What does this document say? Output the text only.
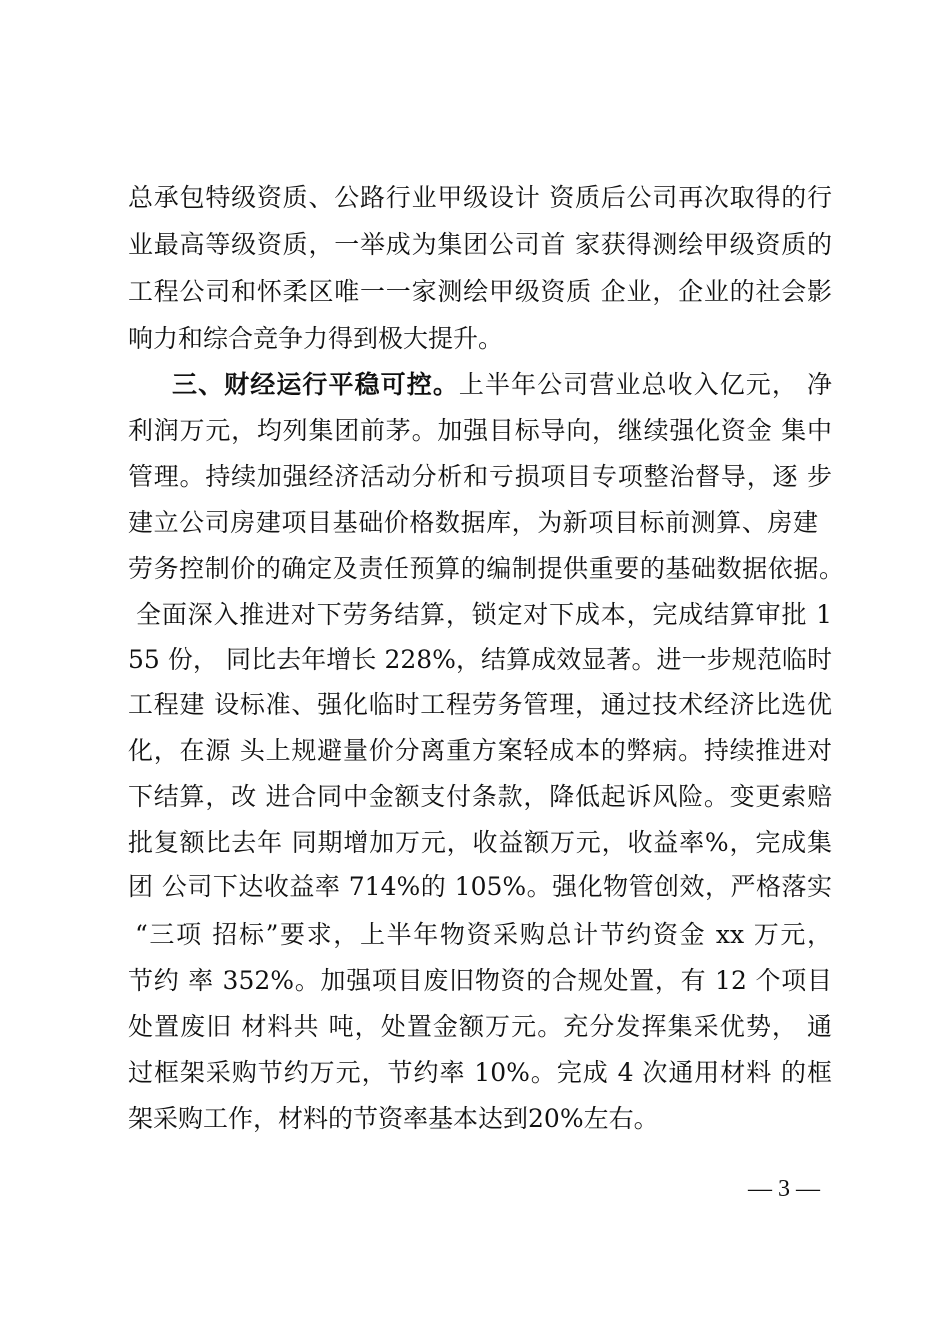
总承包特级资质、公路行业甲级设计 资质后公司再次取得的行
业最高等级资质，一举成为集团公司首 家获得测绘甲级资质的
工程公司和怀柔区唯一一家测绘甲级资质 企业，企业的社会影
响力和综合竞争力得到极大提升。
三、财经运行平稳可控。上半年公司营业总收入亿元， 净
利润万元，均列集团前茅。加强目标导向，继续强化资金 集中
管理。持续加强经济活动分析和亏损项目专项整治督导，逐 步
建立公司房建项目基础价格数据库，为新项目标前测算、房建
劳务控制价的确定及责任预算的编制提供重要的基础数据依据。
全面深入推进对下劳务结算，锁定对下成本，完成结算审批 1
55 份， 同比去年增长 228%，结算成效显著。进一步规范临时
工程建 设标准、强化临时工程劳务管理，通过技术经济比选优
化，在源 头上规避量价分离重方案轻成本的弊病。持续推进对
下结算，改 进合同中金额支付条款，降低起诉风险。变更索赔
批复额比去年 同期增加万元，收益额万元，收益率%，完成集
团 公司下达收益率 714%的 105%。强化物管创效，严格落实
“三项 招标”要求，上半年物资采购总计节约资金 xx 万元，
节约 率 352%。加强项目废旧物资的合规处置，有 12 个项目
处置废旧 材料共 吨，处置金额万元。充分发挥集采优势， 通
过框架采购节约万元，节约率 10%。完成 4 次通用材料 的框
架采购工作，材料的节资率基本达到20%左右。
— 3 —
